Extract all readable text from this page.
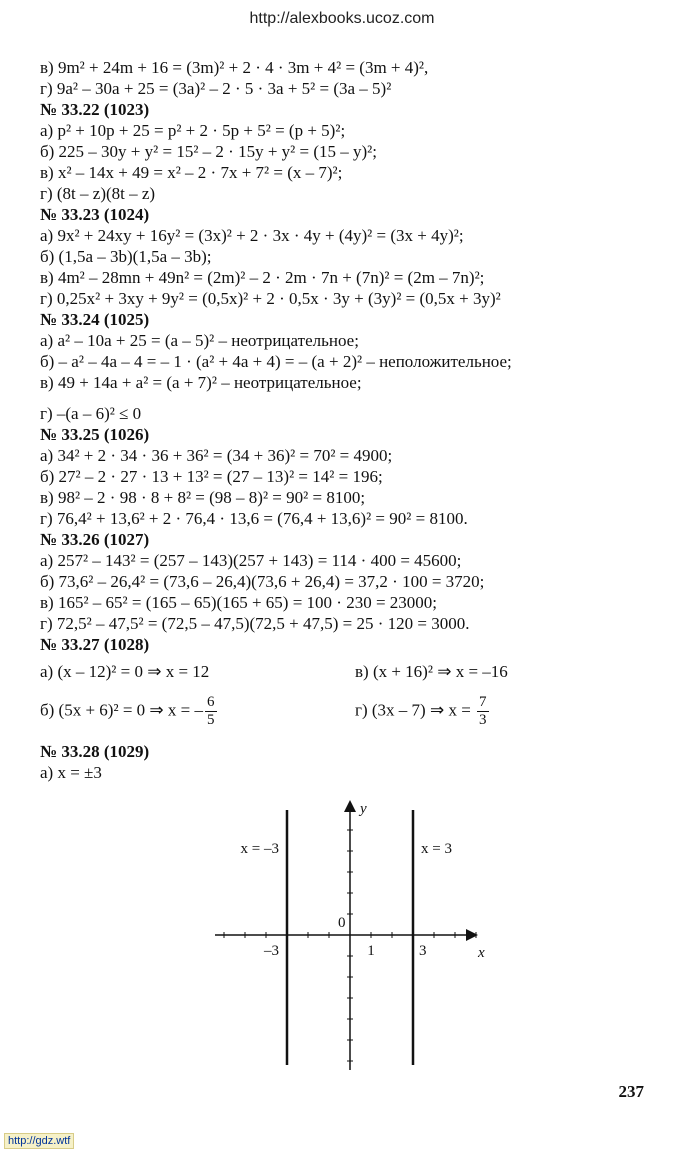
http://alexbooks.ucoz.com
в) 9m² + 24m + 16 = (3m)² + 2 · 4 · 3m + 4² = (3m + 4)²,
г) 9a² – 30a + 25 = (3a)² – 2 · 5 · 3a + 5² = (3a – 5)²
№ 33.22 (1023)
а) p² + 10p + 25 = p² + 2 · 5p + 5² = (p + 5)²;
б) 225 – 30y + y² = 15² – 2 · 15y + y² = (15 – y)²;
в) x² – 14x + 49 = x² – 2 · 7x + 7² = (x – 7)²;
г) (8t – z)(8t – z)
№ 33.23 (1024)
а) 9x² + 24xy + 16y² = (3x)² + 2 · 3x · 4y + (4y)² = (3x + 4y)²;
б) (1,5a – 3b)(1,5a – 3b);
в) 4m² – 28mn + 49n² = (2m)² – 2 · 2m · 7n + (7n)² = (2m – 7n)²;
г) 0,25x² + 3xy + 9y² = (0,5x)² + 2 · 0,5x · 3y + (3y)² = (0,5x + 3y)²
№ 33.24 (1025)
а) a² – 10a + 25 = (a – 5)² – неотрицательное;
б) – a² – 4a – 4 = – 1 · (a² + 4a + 4) = – (a + 2)² – неположительное;
в) 49 + 14a + a² = (a + 7)² – неотрицательное;
г) –(a – 6)² ≤ 0
№ 33.25 (1026)
а) 34² + 2 · 34 · 36 + 36² = (34 + 36)² = 70² = 4900;
б) 27² – 2 · 27 · 13 + 13² = (27 – 13)² = 14² = 196;
в) 98² – 2 · 98 · 8 + 8² = (98 – 8)² = 90² = 8100;
г) 76,4² + 13,6² + 2 · 76,4 · 13,6 = (76,4 + 13,6)² = 90² = 8100.
№ 33.26 (1027)
а) 257² – 143² = (257 – 143)(257 + 143) = 114 · 400 = 45600;
б) 73,6² – 26,4² = (73,6 – 26,4)(73,6 + 26,4) = 37,2 · 100 = 3720;
в) 165² – 65² = (165 – 65)(165 + 65) = 100 · 230 = 23000;
г) 72,5² – 47,5² = (72,5 – 47,5)(72,5 + 47,5) = 25 · 120 = 3000.
№ 33.27 (1028)
а) (x – 12)² = 0 ⇒ x = 12	в) (x + 16)² ⇒ x = –16
б) (5x + 6)² = 0 ⇒ x = – $\frac{6}{5}$	г) (3x – 7) ⇒ $x = \frac{7}{3}$
№ 33.28 (1029)
а) x = ±3
x = –3	x = 3
x
y
0
–3	1	3
237
http://gdz.wtf
